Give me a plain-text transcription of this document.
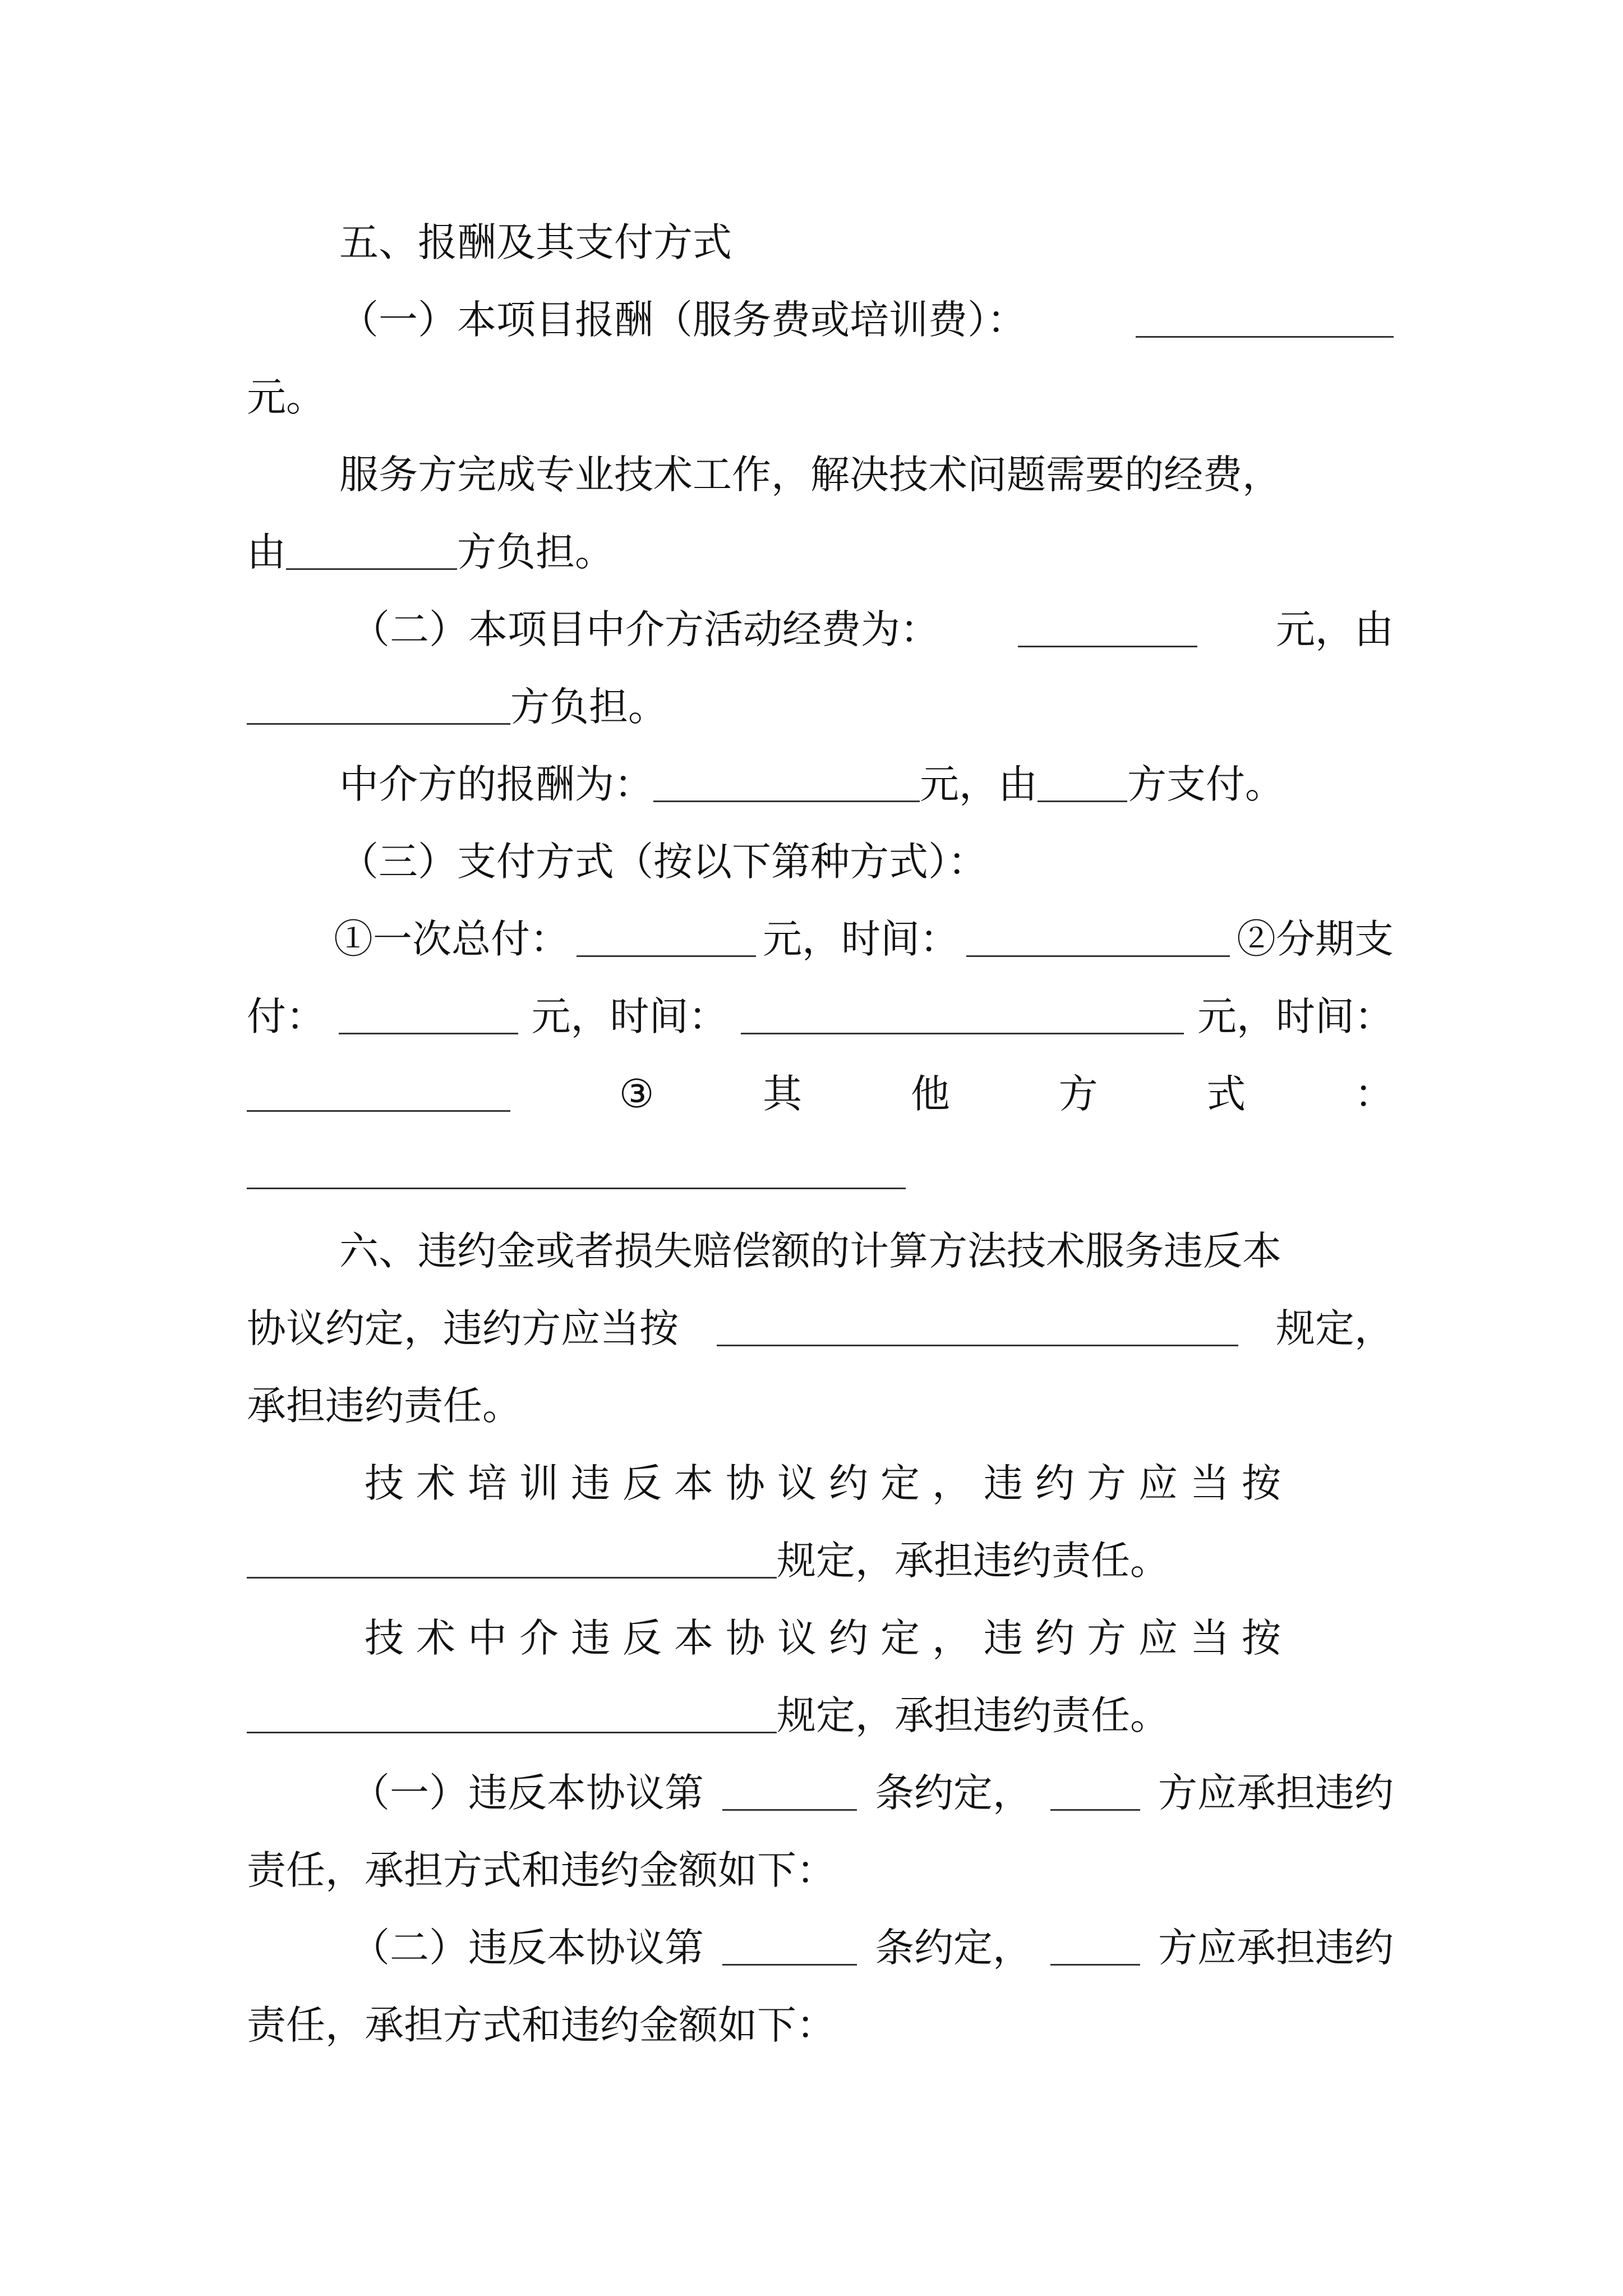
五、报酬及其支付方式
（一）本项目报酬（服务费或培训费）：
元。
服务方完成专业技术工作，解决技术问题需要的经费，
由	方负担。
（二）本项目中介方活动经费为：	元，由
方负担。
中介方的报酬为：	元，由 方支付。
（三）支付方式（按以下第种方式）：
①一次总付：	元，时间：	②分期支
付：	元，时间：	元，时间：
③	其	他	方	式	：
六、违约金或者损失赔偿额的计算方法技术服务违反本
协议约定，违约方应当按	规定，
承担违约责任。
技术培训违反本协议约定，违约方应当按
规定，承担违约责任。
技术中介违反本协议约定，违约方应当按
规定，承担违约责任。
（一）违反本协议第	条约定，	方应承担违约
责任，承担方式和违约金额如下：
（二）违反本协议第	条约定，	方应承担违约
责任，承担方式和违约金额如下：
